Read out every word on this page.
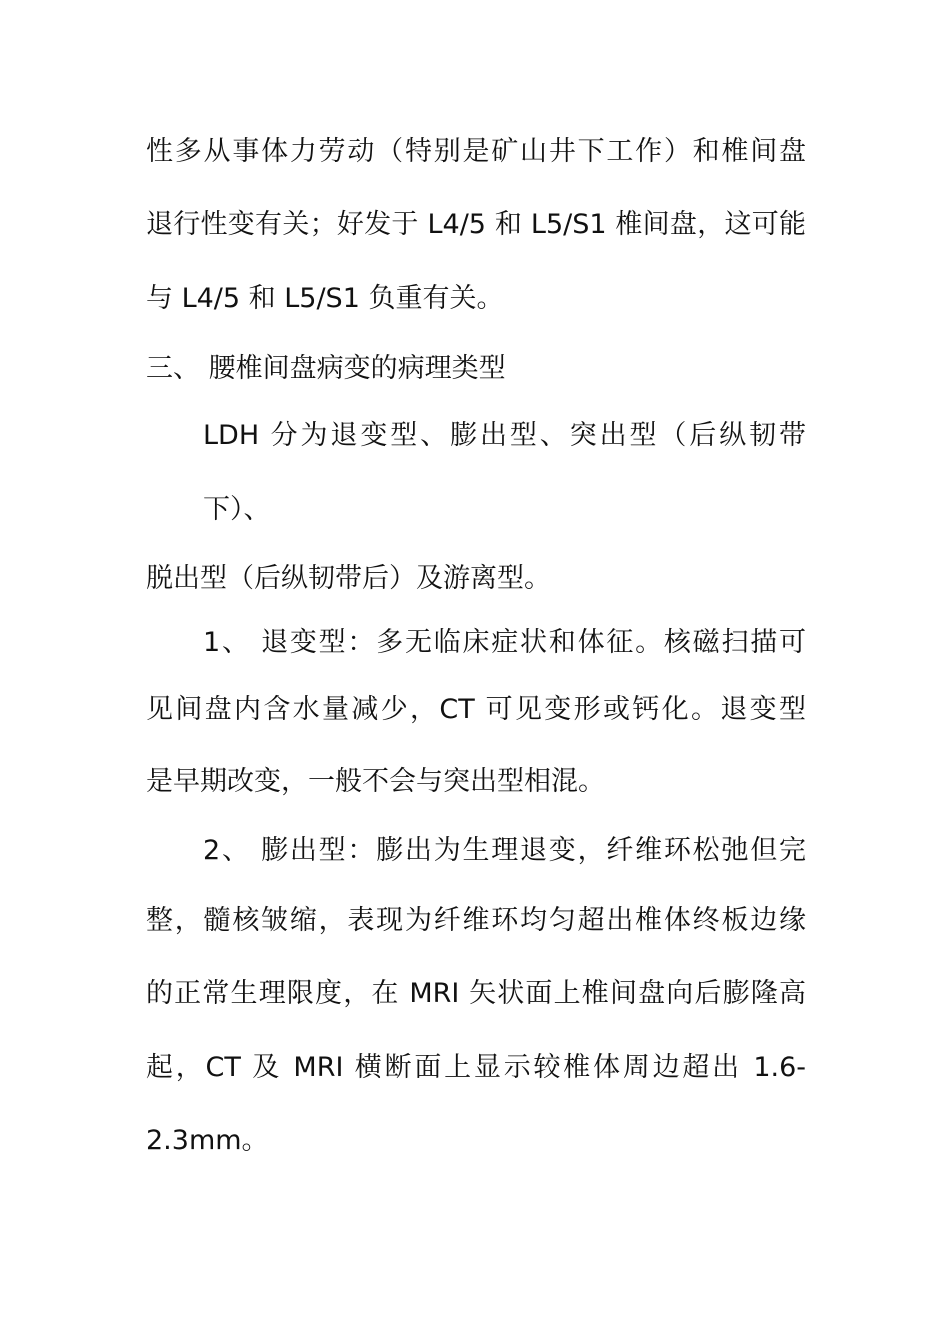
性多从事体力劳动（特别是矿山井下工作）和椎间盘
退行性变有关；好发于 L4/5 和 L5/S1 椎间盘，这可能
与 L4/5 和 L5/S1 负重有关。
三、 腰椎间盘病变的病理类型
LDH 分为退变型、膨出型、突出型（后纵韧带
下）、
脱出型（后纵韧带后）及游离型。
1、 退变型：多无临床症状和体征。核磁扫描可
见间盘内含水量减少，CT 可见变形或钙化。退变型
是早期改变，一般不会与突出型相混。
2、 膨出型：膨出为生理退变，纤维环松弛但完
整，髓核皱缩，表现为纤维环均匀超出椎体终板边缘
的正常生理限度，在 MRI 矢状面上椎间盘向后膨隆高
起，CT 及 MRI 横断面上显示较椎体周边超出 1.6-
2.3mm。
